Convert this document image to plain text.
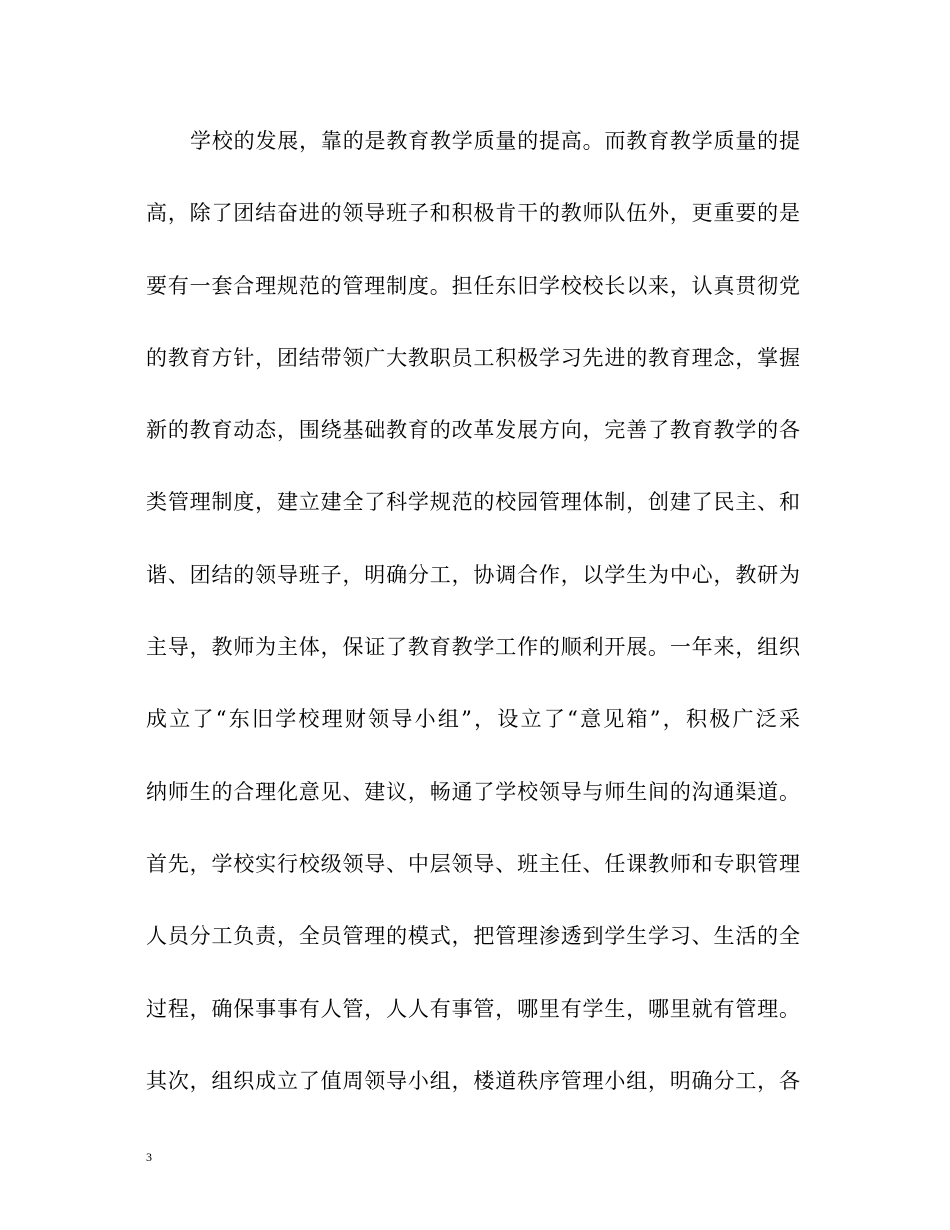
学校的发展，靠的是教育教学质量的提高。而教育教学质量的提
高，除了团结奋进的领导班子和积极肯干的教师队伍外，更重要的是
要有一套合理规范的管理制度。担任东旧学校校长以来，认真贯彻党
的教育方针，团结带领广大教职员工积极学习先进的教育理念，掌握
新的教育动态，围绕基础教育的改革发展方向，完善了教育教学的各
类管理制度，建立建全了科学规范的校园管理体制，创建了民主、和
谐、团结的领导班子，明确分工，协调合作，以学生为中心，教研为
主导，教师为主体，保证了教育教学工作的顺利开展。一年来，组织
成立了“东旧学校理财领导小组”，设立了“意见箱”，积极广泛采
纳师生的合理化意见、建议，畅通了学校领导与师生间的沟通渠道。
首先，学校实行校级领导、中层领导、班主任、任课教师和专职管理
人员分工负责，全员管理的模式，把管理渗透到学生学习、生活的全
过程，确保事事有人管，人人有事管，哪里有学生，哪里就有管理。
其次，组织成立了值周领导小组，楼道秩序管理小组，明确分工，各
3
